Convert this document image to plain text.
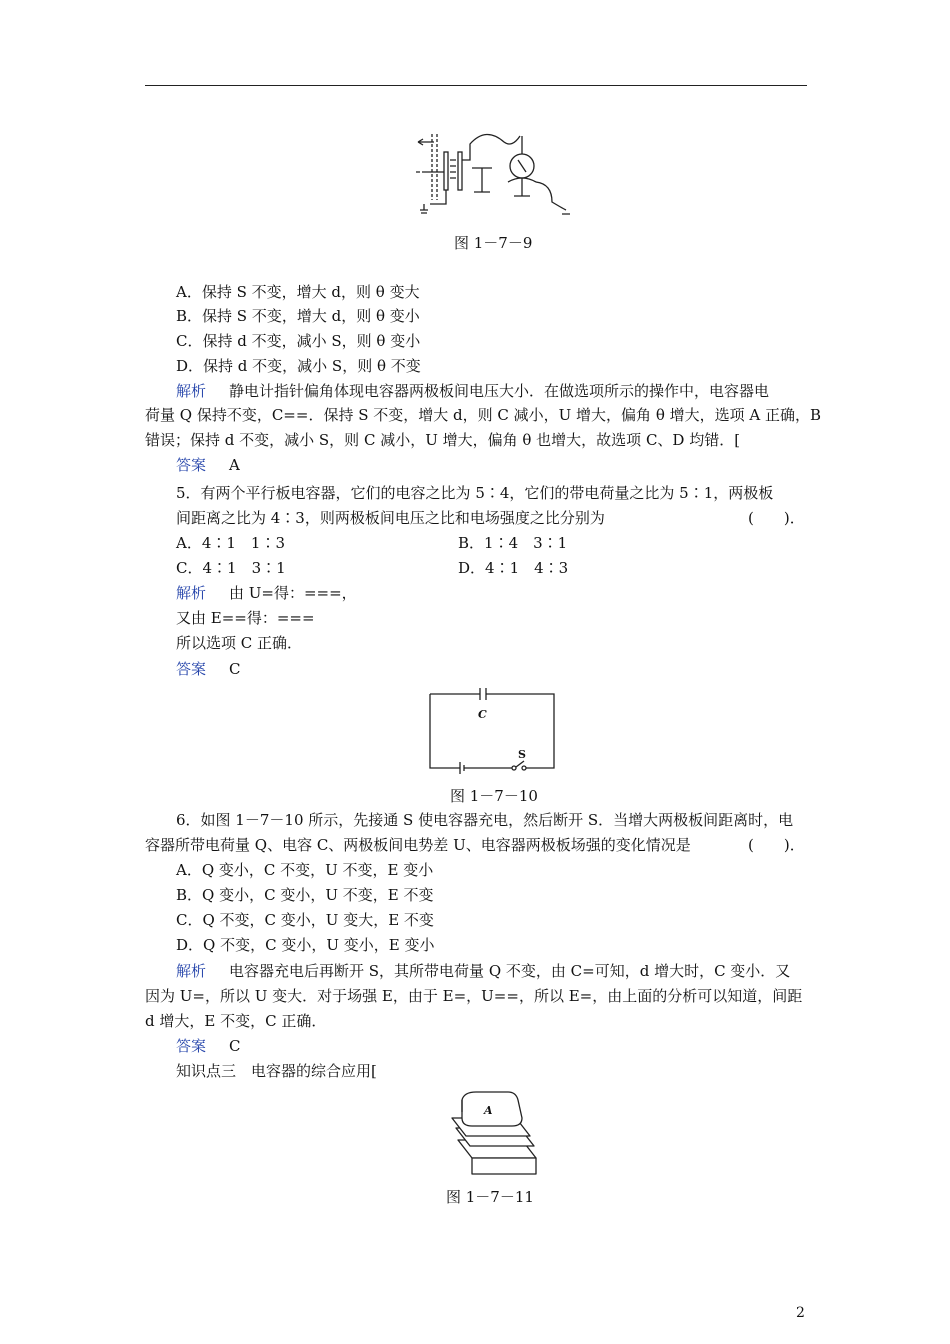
图 1－7－9
A．保持 S 不变，增大 d，则 θ 变大
B．保持 S 不变，增大 d，则 θ 变小
C．保持 d 不变，减小 S，则 θ 变小
D．保持 d 不变，减小 S，则 θ 不变
解析 静电计指针偏角体现电容器两极板间电压大小．在做选项所示的操作中，电容器电
荷量 Q 保持不变，C==．保持 S 不变，增大 d，则 C 减小，U 增大，偏角 θ 增大，选项 A 正确，B
错误；保持 d 不变，减小 S，则 C 减小，U 增大，偏角 θ 也增大，故选项 C、D 均错．[
答案 A
5．有两个平行板电容器，它们的电容之比为 5∶4，它们的带电荷量之比为 5∶1，两极板
间距离之比为 4∶3，则两极板间电压之比和电场强度之比分别为	(　　)．
A．4∶1　1∶3	B．1∶4　3∶1
C．4∶1　3∶1	D．4∶1　4∶3
解析 由 U=得：===，
又由 E==得：===
所以选项 C 正确．
答案 C
C
S
图 1－7－10
6．如图 1－7－10 所示，先接通 S 使电容器充电，然后断开 S．当增大两极板间距离时，电
容器所带电荷量 Q、电容 C、两极板间电势差 U、电容器两极板场强的变化情况是	(　　)．
A．Q 变小，C 不变，U 不变，E 变小
B．Q 变小，C 变小，U 不变，E 不变
C．Q 不变，C 变小，U 变大，E 不变
D．Q 不变，C 变小，U 变小，E 变小
解析 电容器充电后再断开 S，其所带电荷量 Q 不变，由 C=可知，d 增大时，C 变小．又
因为 U=，所以 U 变大．对于场强 E，由于 E=，U==，所以 E=，由上面的分析可以知道，间距
d 增大，E 不变，C 正确．
答案 C
知识点三　电容器的综合应用[
A
图 1－7－11
2
